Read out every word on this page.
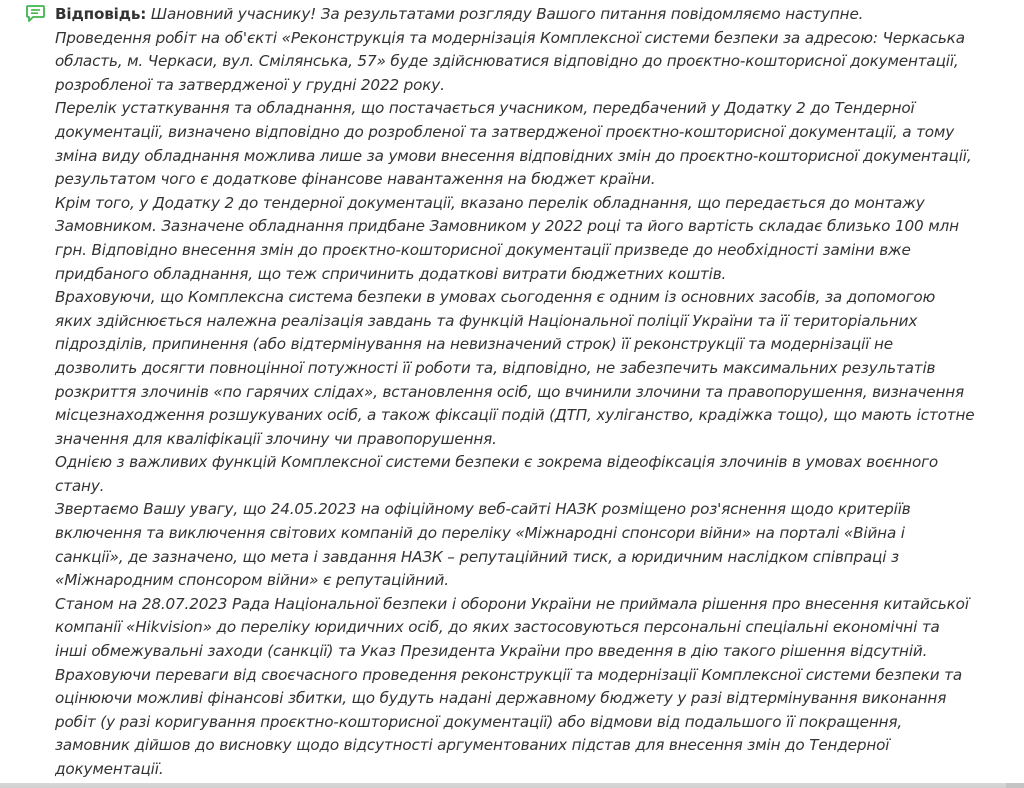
Відповідь: Шановний учаснику! За результатами розгляду Вашого питання повідомляємо наступне.

Проведення робіт на об'єкті «Реконструкція та модернізація Комплексної системи безпеки за адресою: Черкаська область, м. Черкаси, вул. Смілянська, 57» буде здійснюватися відповідно до проєктно-кошторисної документації, розробленої та затвердженої у грудні 2022 року.

Перелік устаткування та обладнання, що постачається учасником, передбачений у Додатку 2 до Тендерної документації, визначено відповідно до розробленої та затвердженої проєктно-кошторисної документації, а тому зміна виду обладнання можлива лише за умови внесення відповідних змін до проєктно-кошторисної документації, результатом чого є додаткове фінансове навантаження на бюджет країни.

Крім того, у Додатку 2 до тендерної документації, вказано перелік обладнання, що передається до монтажу Замовником. Зазначене обладнання придбане Замовником у 2022 році та його вартість складає близько 100 млн грн. Відповідно внесення змін до проєктно-кошторисної документації призведе до необхідності заміни вже придбаного обладнання, що теж спричинить додаткові витрати бюджетних коштів.

Враховуючи, що Комплексна система безпеки в умовах сьогодення є одним із основних засобів, за допомогою яких здійснюється належна реалізація завдань та функцій Національної поліції України та її територіальних підрозділів, припинення (або відтермінування на невизначений строк) її реконструкції та модернізації не дозволить досягти повноцінної потужності її роботи та, відповідно, не забезпечить максимальних результатів розкриття злочинів «по гарячих слідах», встановлення осіб, що вчинили злочини та правопорушення, визначення місцезнаходження розшукуваних осіб, а також фіксації подій (ДТП, хуліганство, крадіжка тощо), що мають істотне значення для кваліфікації злочину чи правопорушення.

Однією з важливих функцій Комплексної системи безпеки є зокрема відеофіксація злочинів в умовах воєнного стану.

Звертаємо Вашу увагу, що 24.05.2023 на офіційному веб-сайті НАЗК розміщено роз'яснення щодо критеріїв включення та виключення світових компаній до переліку «Міжнародні спонсори війни» на порталі «Війна і санкції», де зазначено, що мета і завдання НАЗК – репутаційний тиск, а юридичним наслідком співпраці з «Міжнародним спонсором війни» є репутаційний.

Станом на 28.07.2023 Рада Національної безпеки і оборони України не приймала рішення про внесення китайської компанії «Hikvision» до переліку юридичних осіб, до яких застосовуються персональні спеціальні економічні та інші обмежувальні заходи (санкції) та Указ Президента України про введення в дію такого рішення відсутній.

Враховуючи переваги від своєчасного проведення реконструкції та модернізації Комплексної системи безпеки та оцінюючи можливі фінансові збитки, що будуть надані державному бюджету у разі відтермінування виконання робіт (у разі коригування проєктно-кошторисної документації) або відмови від подальшого її покращення, замовник дійшов до висновку щодо відсутності аргументованих підстав для внесення змін до Тендерної документації.
